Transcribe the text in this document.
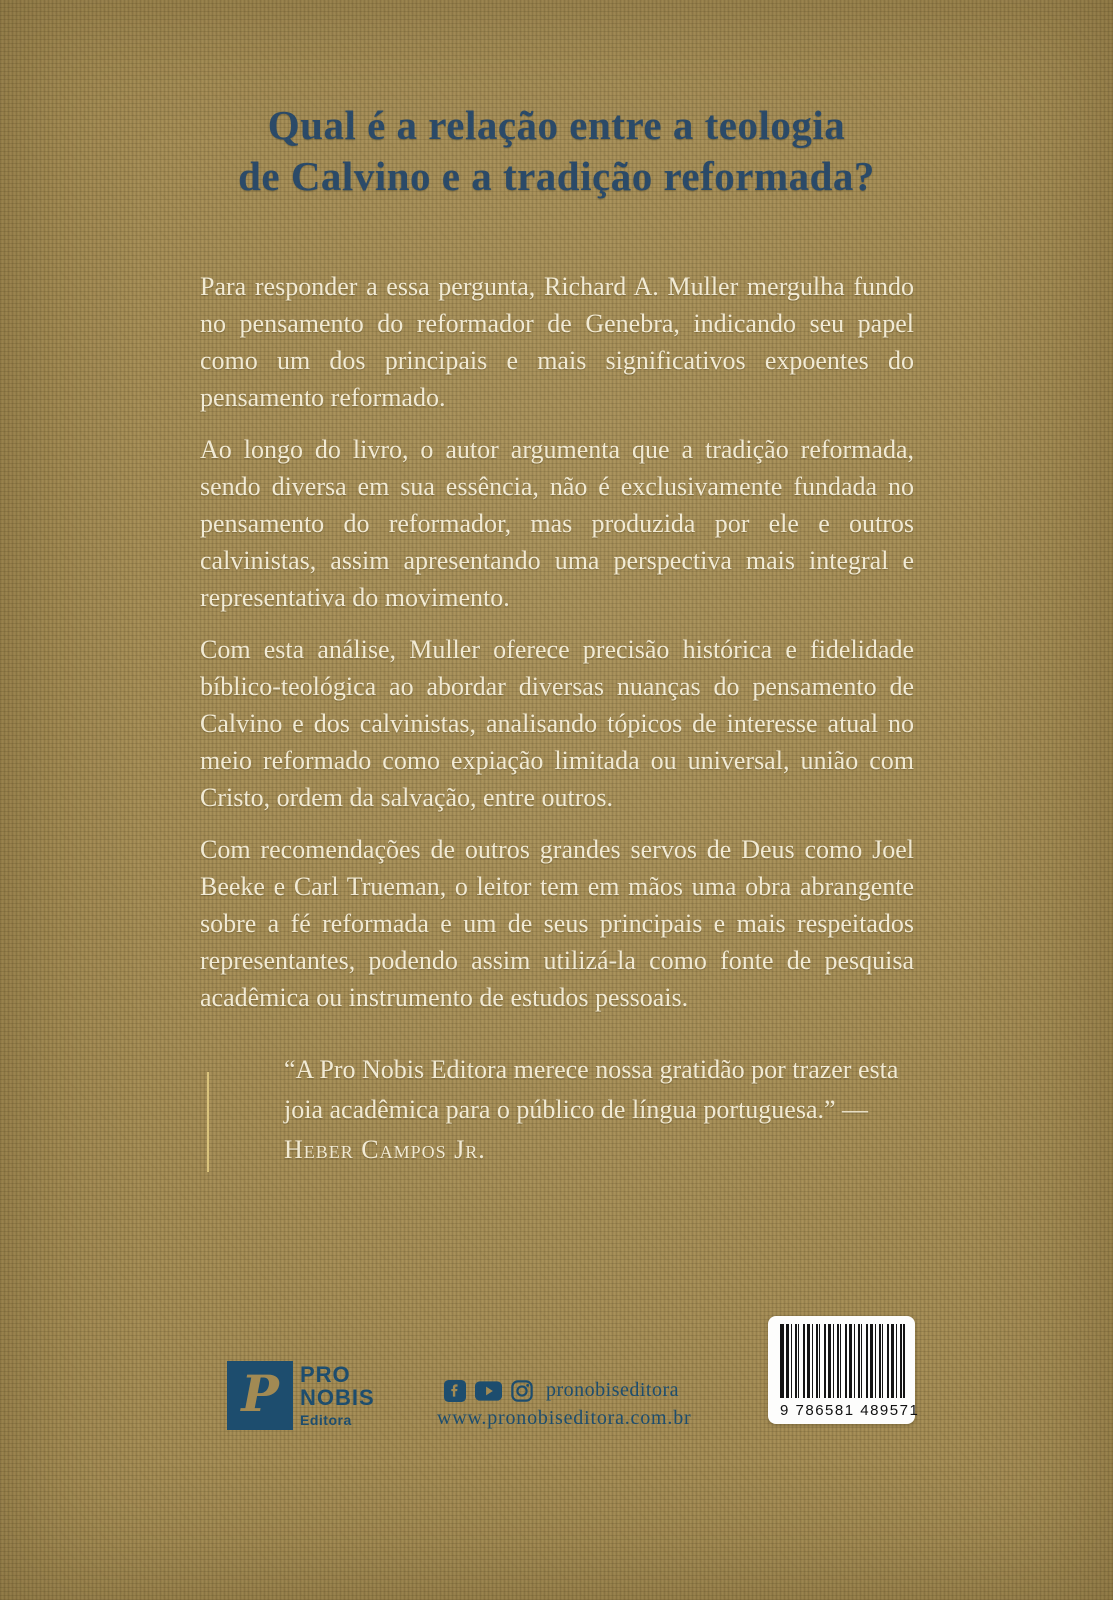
Qual é a relação entre a teologia
de Calvino e a tradição reformada?

Para responder a essa pergunta, Richard A. Muller mergulha fundo no pensamento do reformador de Genebra, indicando seu papel como um dos principais e mais significativos expoentes do pensamento reformado.

Ao longo do livro, o autor argumenta que a tradição reformada, sendo diversa em sua essência, não é exclusivamente fundada no pensamento do reformador, mas produzida por ele e outros calvinistas, assim apresentando uma perspectiva mais integral e representativa do movimento.

Com esta análise, Muller oferece precisão histórica e fidelidade bíblico-teológica ao abordar diversas nuanças do pensamento de Calvino e dos calvinistas, analisando tópicos de interesse atual no meio reformado como expiação limitada ou universal, união com Cristo, ordem da salvação, entre outros.

Com recomendações de outros grandes servos de Deus como Joel Beeke e Carl Trueman, o leitor tem em mãos uma obra abrangente sobre a fé reformada e um de seus principais e mais respeitados representantes, podendo assim utilizá-la como fonte de pesquisa acadêmica ou instrumento de estudos pessoais.

“A Pro Nobis Editora merece nossa gratidão por trazer esta joia acadêmica para o público de língua portuguesa.” — Heber Campos Jr.
P PRO
NOBIS
Editora
pronobiseditora
www.pronobiseditora.com.br	9 786581 489571
